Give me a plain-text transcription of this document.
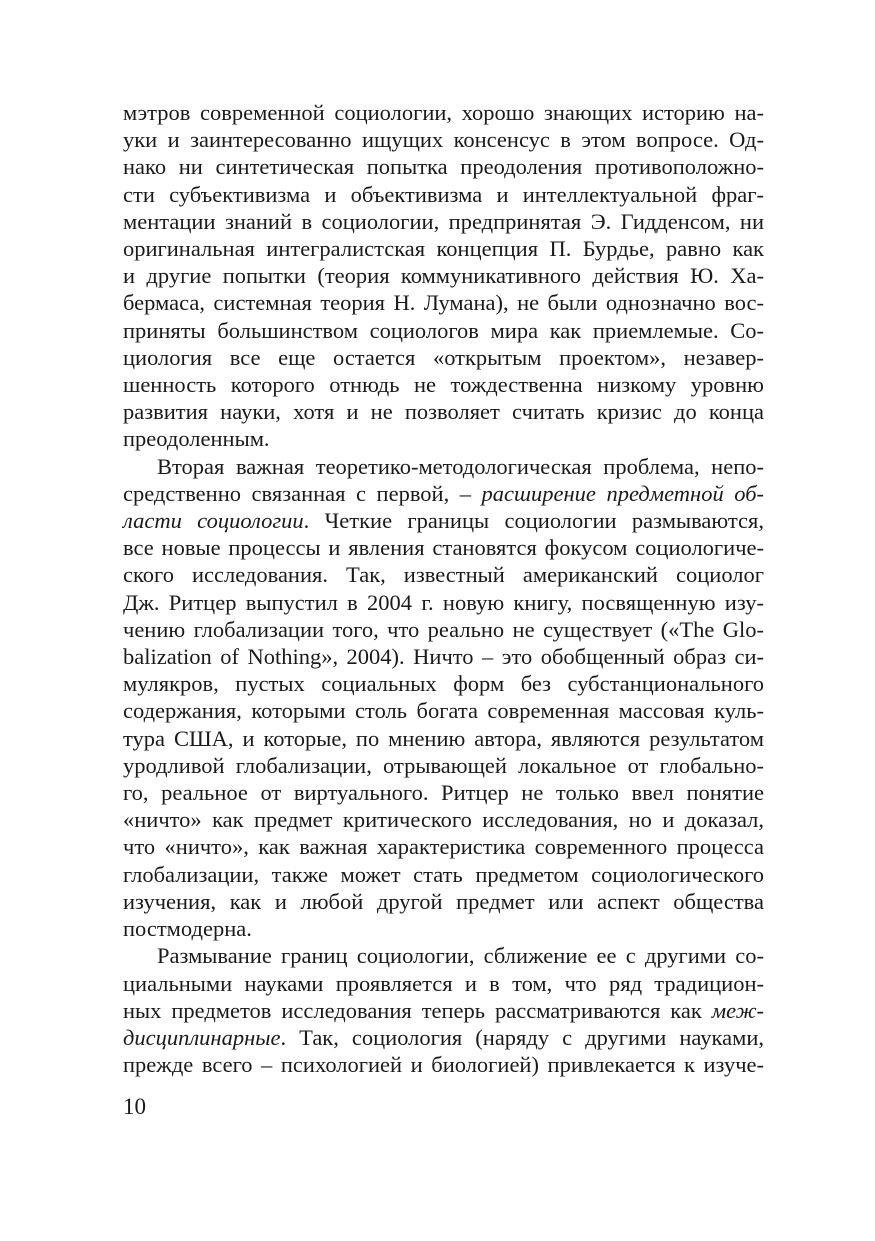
мэтров современной социологии, хорошо знающих историю на-
уки и заинтересованно ищущих консенсус в этом вопросе. Од-
нако ни синтетическая попытка преодоления противоположно-
сти субъективизма и объективизма и интеллектуальной фраг-
ментации знаний в социологии, предпринятая Э. Гидденсом, ни
оригинальная интегралистская концепция П. Бурдье, равно как
и другие попытки (теория коммуникативного действия Ю. Ха-
бермаса, системная теория Н. Лумана), не были однозначно вос-
приняты большинством социологов мира как приемлемые. Со-
циология все еще остается «открытым проектом», незавер-
шенность которого отнюдь не тождественна низкому уровню
развития науки, хотя и не позволяет считать кризис до конца
преодоленным.

Вторая важная теоретико-методологическая проблема, непо-
средственно связанная с первой, – расширение предметной об-
ласти социологии. Четкие границы социологии размываются,
все новые процессы и явления становятся фокусом социологиче-
ского исследования. Так, известный американский социолог
Дж. Ритцер выпустил в 2004 г. новую книгу, посвященную изу-
чению глобализации того, что реально не существует («The Glo-
balization of Nothing», 2004). Ничто – это обобщенный образ си-
мулякров, пустых социальных форм без субстанционального
содержания, которыми столь богата современная массовая куль-
тура США, и которые, по мнению автора, являются результатом
уродливой глобализации, отрывающей локальное от глобально-
го, реальное от виртуального. Ритцер не только ввел понятие
«ничто» как предмет критического исследования, но и доказал,
что «ничто», как важная характеристика современного процесса
глобализации, также может стать предметом социологического
изучения, как и любой другой предмет или аспект общества
постмодерна.

Размывание границ социологии, сближение ее с другими со-
циальными науками проявляется и в том, что ряд традицион-
ных предметов исследования теперь рассматриваются как меж-
дисциплинарные. Так, социология (наряду с другими науками,
прежде всего – психологией и биологией) привлекается к изуче-

10
